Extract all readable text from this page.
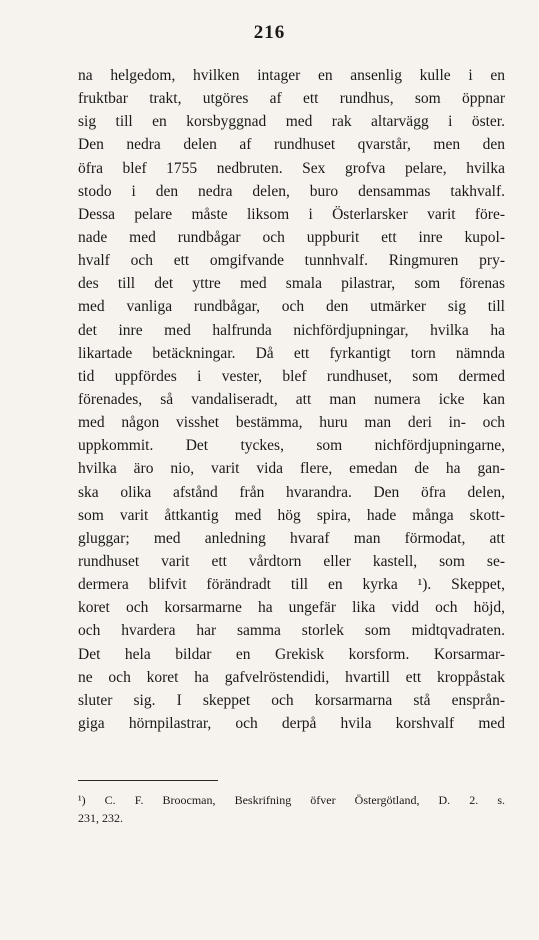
216
na helgedom, hvilken intager en ansenlig kulle i en
fruktbar trakt, utgöres af ett rundhus, som öppnar
sig till en korsbyggnad med rak altarvägg i öster.
Den nedra delen af rundhuset qvarstår, men den
öfra blef 1755 nedbruten. Sex grofva pelare, hvilka
stodo i den nedra delen, buro densammas takhvalf.
Dessa pelare måste liksom i Österlarsker varit före-
nade med rundbågar och uppburit ett inre kupol-
hvalf och ett omgifvande tunnhvalf. Ringmuren pry-
des till det yttre med smala pilastrar, som förenas
med vanliga rundbågar, och den utmärker sig till
det inre med halfrunda nichfördjupningar, hvilka ha
likartade betäckningar. Då ett fyrkantigt torn nämnda
tid uppfördes i vester, blef rundhuset, som dermed
förenades, så vandaliseradt, att man numera icke kan
med någon visshet bestämma, huru man deri in- och
uppkommit. Det tyckes, som nichfördjupningarne,
hvilka äro nio, varit vida flere, emedan de ha gan-
ska olika afstånd från hvarandra. Den öfra delen,
som varit åttkantig med hög spira, hade många skott-
gluggar; med anledning hvaraf man förmodat, att
rundhuset varit ett vårdtorn eller kastell, som se-
dermera blifvit förändradt till en kyrka ¹). Skeppet,
koret och korsarmarne ha ungefär lika vidd och höjd,
och hvardera har samma storlek som midtqvadraten.
Det hela bildar en Grekisk korsform. Korsarmar-
ne och koret ha gafvelröstendidi, hvartill ett kroppåstak
sluter sig. I skeppet och korsarmarna stå ensprån-
giga hörnpilastrar, och derpå hvila korshvalf med
¹) C. F. Broocman, Beskrifning öfver Östergötland, D. 2. s.
231, 232.
